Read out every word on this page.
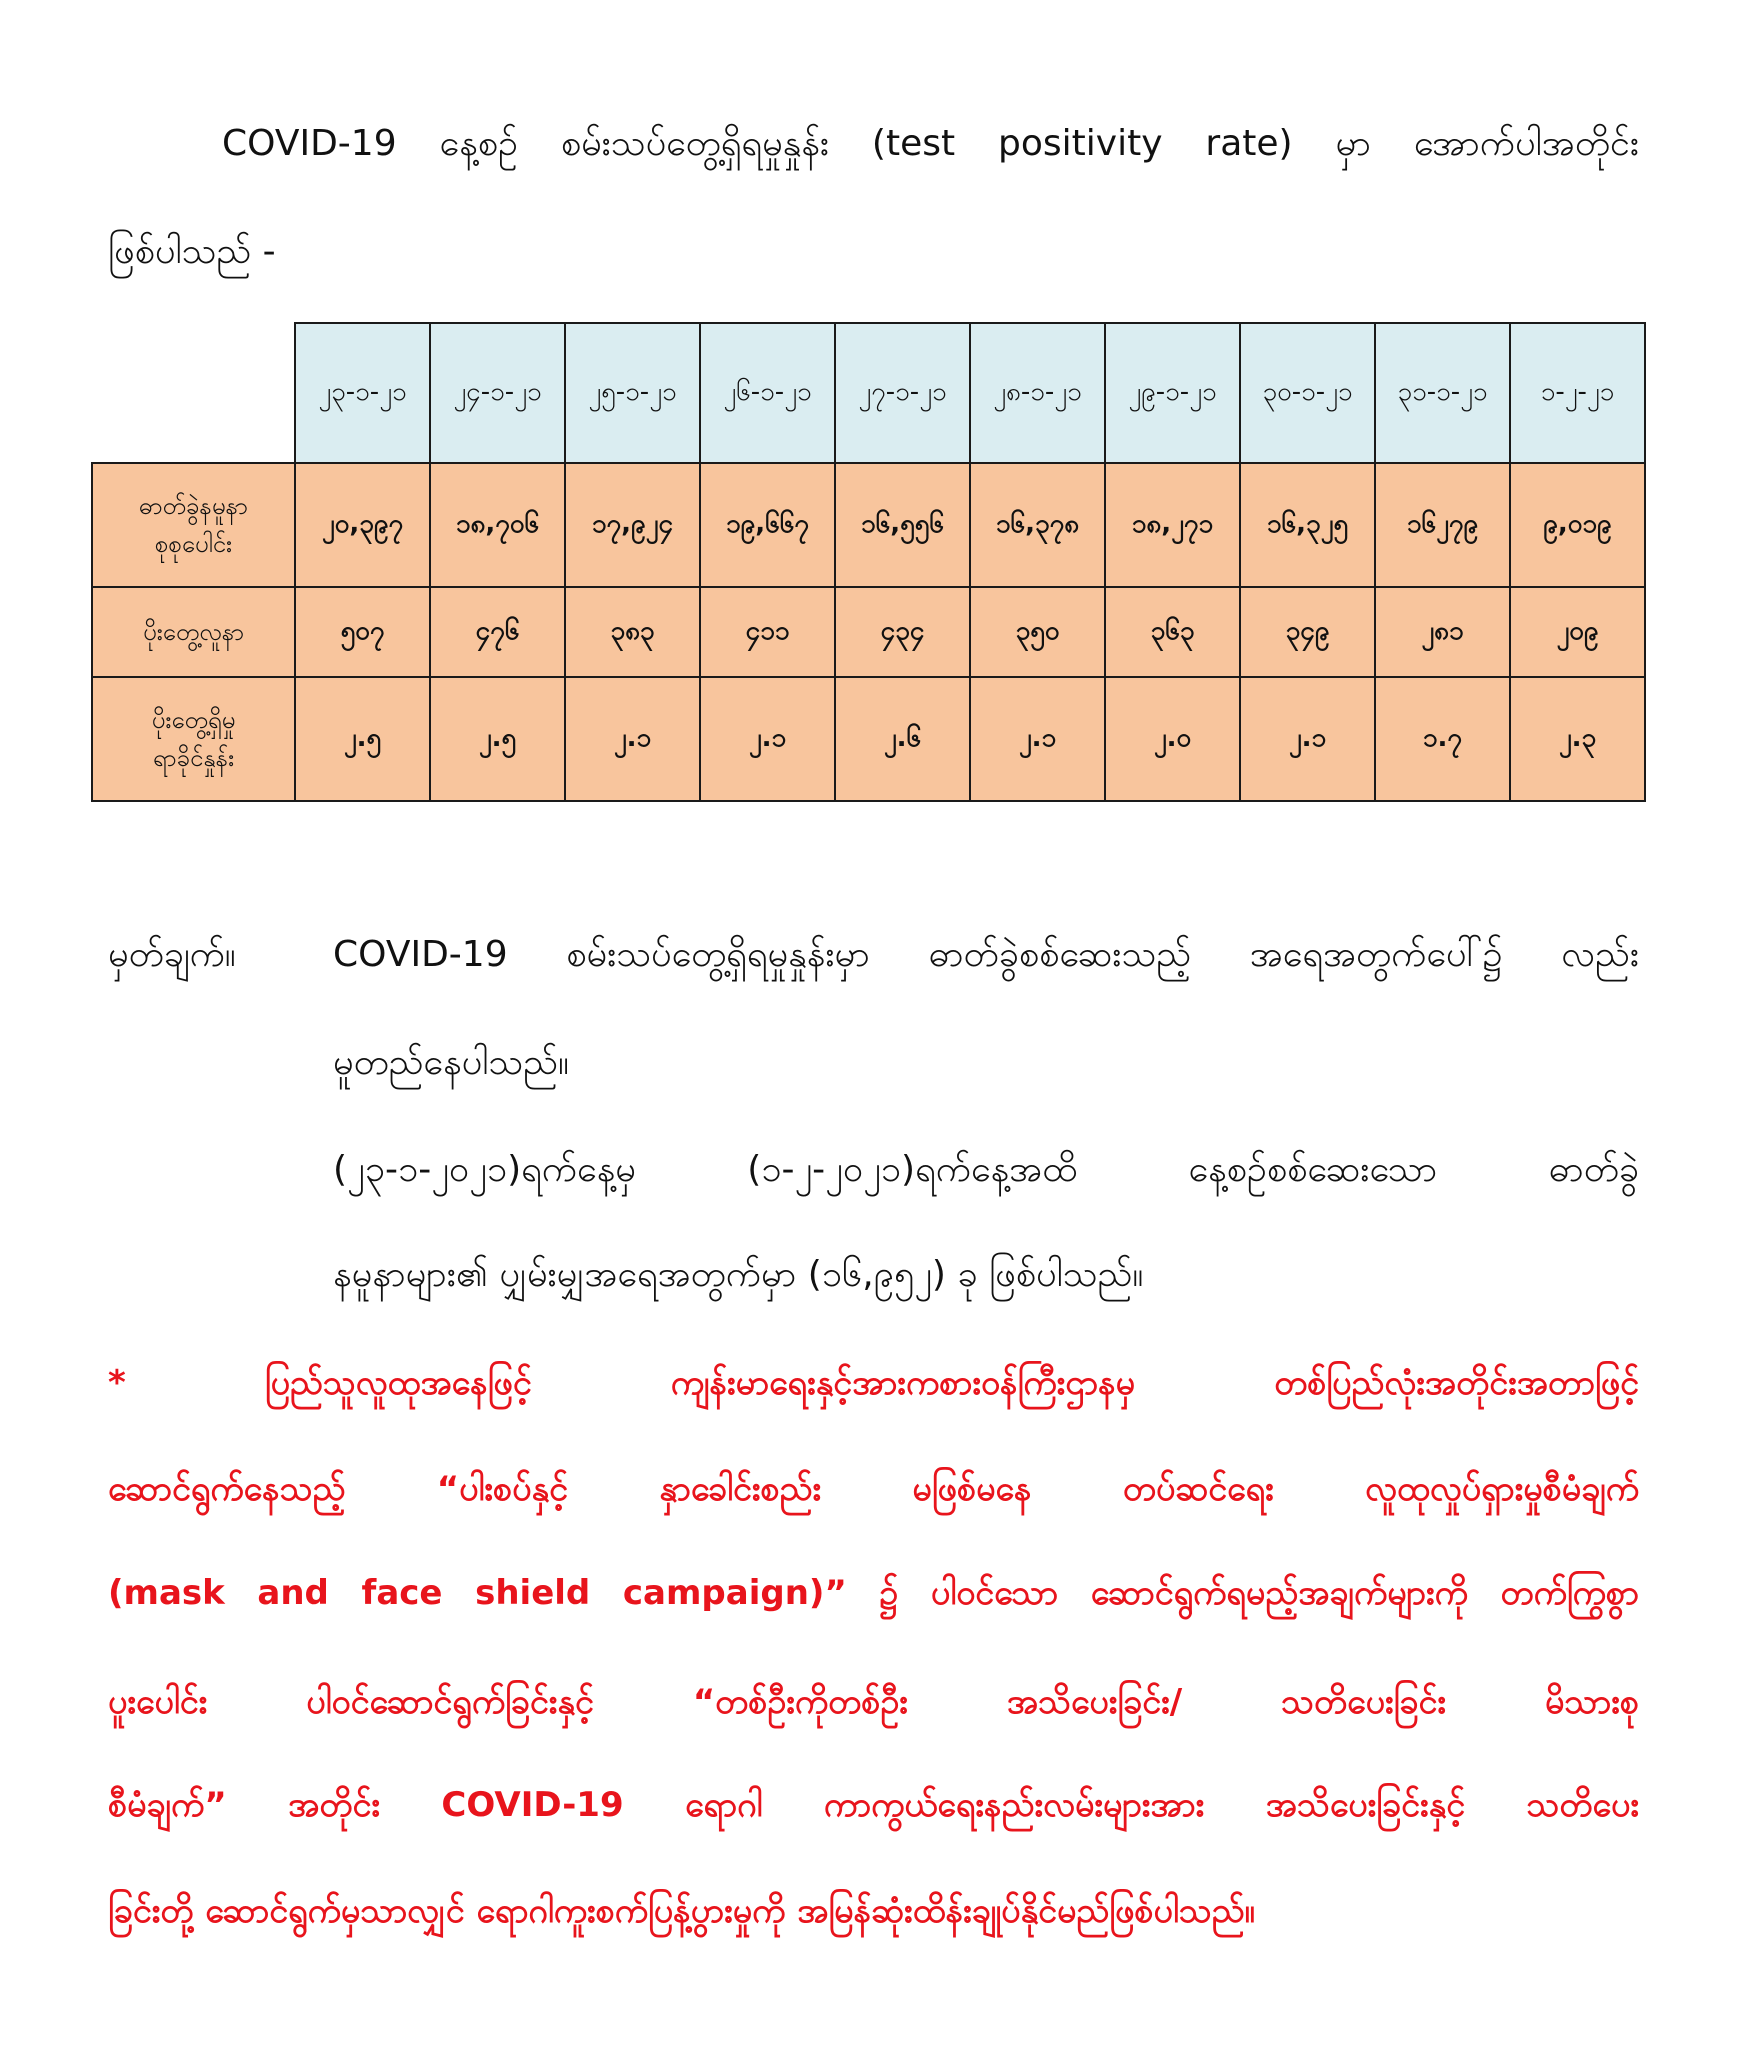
COVID-19 နေ့စဉ် စမ်းသပ်တွေ့ရှိရမှုနှုန်း (test positivity rate) မှာ အောက်ပါအတိုင်း
ဖြစ်ပါသည် -
	၂၃-၁-၂၁	၂၄-၁-၂၁	၂၅-၁-၂၁	၂၆-၁-၂၁	၂၇-၁-၂၁	၂၈-၁-၂၁	၂၉-၁-၂၁	၃၀-၁-၂၁	၃၁-၁-၂၁	၁-၂-၂၁

ဓာတ်ခွဲနမူနာ
စုစုပေါင်း	၂၀,၃၉၇	၁၈,၇၀၆	၁၇,၉၂၄	၁၉,၆၆၇	၁၆,၅၅၆	၁၆,၃၇၈	၁၈,၂၇၁	၁၆,၃၂၅	၁၆၂၇၉	၉,၀၁၉

ပိုးတွေ့လူနာ	၅၀၇	၄၇၆	၃၈၃	၄၁၁	၄၃၄	၃၅၀	၃၆၃	၃၄၉	၂၈၁	၂၀၉

ပိုးတွေ့ရှိမှု
ရာခိုင်နှုန်း	၂.၅	၂.၅	၂.၁	၂.၁	၂.၆	၂.၁	၂.၀	၂.၁	၁.၇	၂.၃
မှတ်ချက်။	COVID-19 စမ်းသပ်တွေ့ရှိရမှုနှုန်းမှာ ဓာတ်ခွဲစစ်ဆေးသည့် အရေအတွက်ပေါ်၌ လည်း
မူတည်နေပါသည်။
(၂၃-၁-၂၀၂၁)ရက်နေ့မှ (၁-၂-၂၀၂၁)ရက်နေ့အထိ နေ့စဉ်စစ်ဆေးသော ဓာတ်ခွဲ
နမူနာများ၏ ပျှမ်းမျှအရေအတွက်မှာ (၁၆,၉၅၂) ခု ဖြစ်ပါသည်။
* ပြည်သူလူထုအနေဖြင့် ကျန်းမာရေးနှင့်အားကစားဝန်ကြီးဌာနမှ တစ်ပြည်လုံးအတိုင်းအတာဖြင့်
ဆောင်ရွက်နေသည့် “ပါးစပ်နှင့် နှာခေါင်းစည်း မဖြစ်မနေ တပ်ဆင်ရေး လူထုလှုပ်ရှားမှုစီမံချက်
(mask and face shield campaign)” ၌ ပါဝင်သော ဆောင်ရွက်ရမည့်အချက်များကို တက်ကြွစွာ
ပူးပေါင်း ပါဝင်ဆောင်ရွက်ခြင်းနှင့် “တစ်ဦးကိုတစ်ဦး အသိပေးခြင်း/ သတိပေးခြင်း မိသားစု
စီမံချက်” အတိုင်း COVID-19 ရောဂါ ကာကွယ်ရေးနည်းလမ်းများအား အသိပေးခြင်းနှင့် သတိပေး
ခြင်းတို့ ဆောင်ရွက်မှသာလျှင် ရောဂါကူးစက်ပြန့်ပွားမှုကို အမြန်ဆုံးထိန်းချုပ်နိုင်မည်ဖြစ်ပါသည်။
